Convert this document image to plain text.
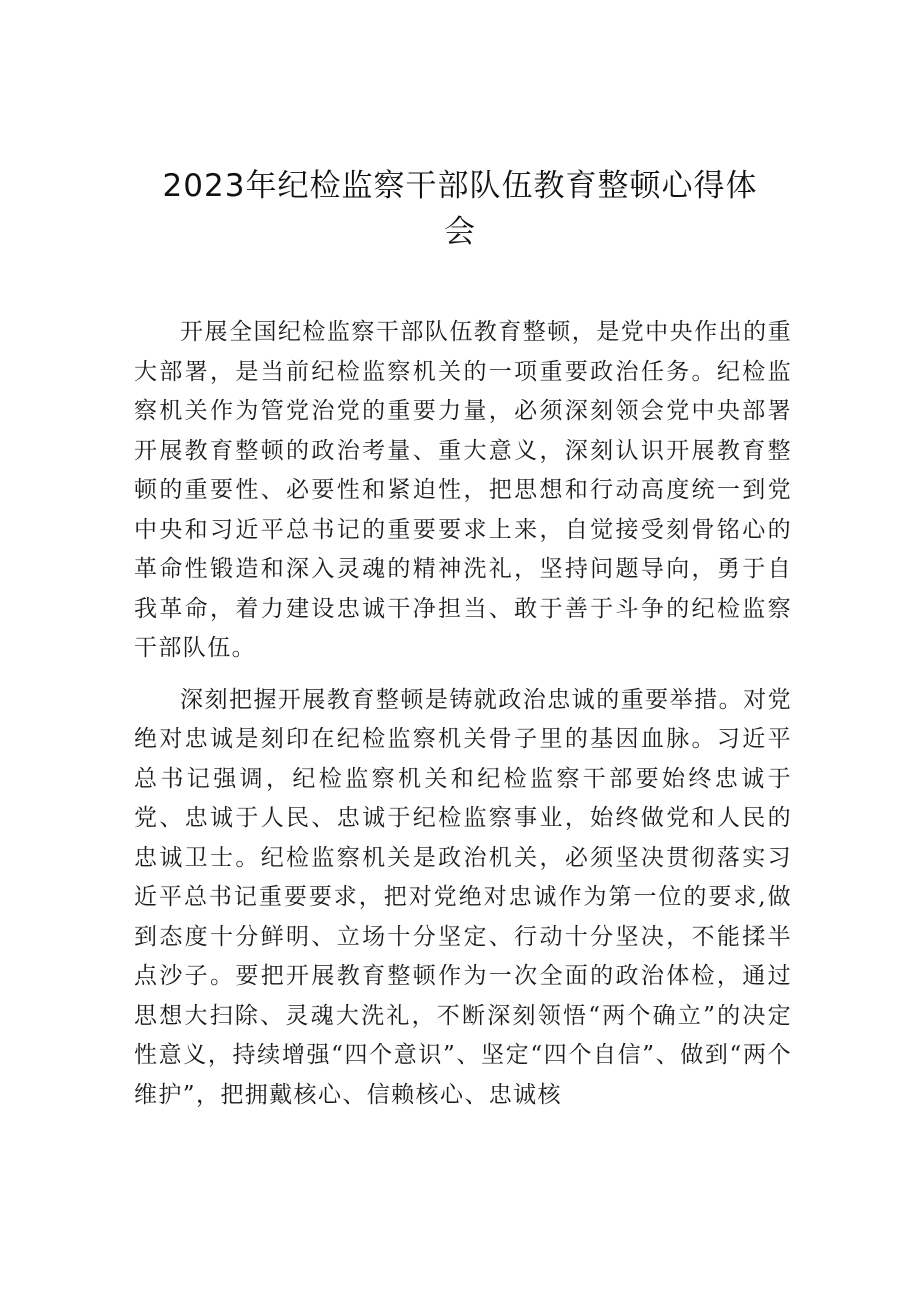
2023年纪检监察干部队伍教育整顿心得体会

开展全国纪检监察干部队伍教育整顿，是党中央作出的重大部署，是当前纪检监察机关的一项重要政治任务。纪检监察机关作为管党治党的重要力量，必须深刻领会党中央部署开展教育整顿的政治考量、重大意义，深刻认识开展教育整顿的重要性、必要性和紧迫性，把思想和行动高度统一到党中央和习近平总书记的重要要求上来，自觉接受刻骨铭心的革命性锻造和深入灵魂的精神洗礼，坚持问题导向，勇于自我革命，着力建设忠诚干净担当、敢于善于斗争的纪检监察干部队伍。

深刻把握开展教育整顿是铸就政治忠诚的重要举措。对党绝对忠诚是刻印在纪检监察机关骨子里的基因血脉。习近平总书记强调，纪检监察机关和纪检监察干部要始终忠诚于党、忠诚于人民、忠诚于纪检监察事业，始终做党和人民的忠诚卫士。纪检监察机关是政治机关，必须坚决贯彻落实习近平总书记重要要求，把对党绝对忠诚作为第一位的要求,做到态度十分鲜明、立场十分坚定、行动十分坚决，不能揉半点沙子。要把开展教育整顿作为一次全面的政治体检，通过思想大扫除、灵魂大洗礼，不断深刻领悟“两个确立”的决定性意义，持续增强“四个意识”、坚定“四个自信”、做到“两个维护”，把拥戴核心、信赖核心、忠诚核
